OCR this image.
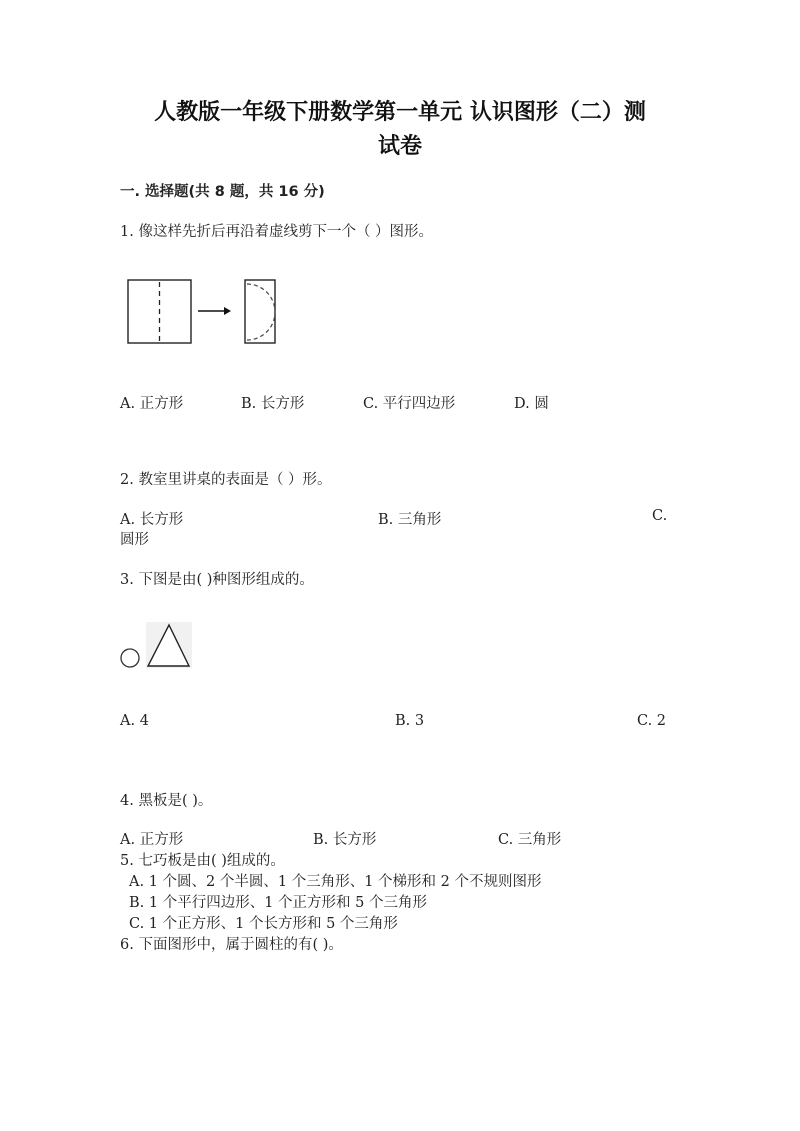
人教版一年级下册数学第一单元 认识图形（二）测
试卷
一. 选择题(共 8 题，共 16 分)
1. 像这样先折后再沿着虚线剪下一个（ ）图形。
A. 正方形	B. 长方形	C. 平行四边形	D. 圆
2. 教室里讲桌的表面是（ ）形。
A. 长方形	B. 三角形	C.
圆形
3. 下图是由( )种图形组成的。
A. 4	B. 3	C. 2
4. 黑板是( )。
A. 正方形	B. 长方形	C. 三角形
5. 七巧板是由( )组成的。
A. 1 个圆、2 个半圆、1 个三角形、1 个梯形和 2 个不规则图形
B. 1 个平行四边形、1 个正方形和 5 个三角形
C. 1 个正方形、1 个长方形和 5 个三角形
6. 下面图形中，属于圆柱的有( )。
